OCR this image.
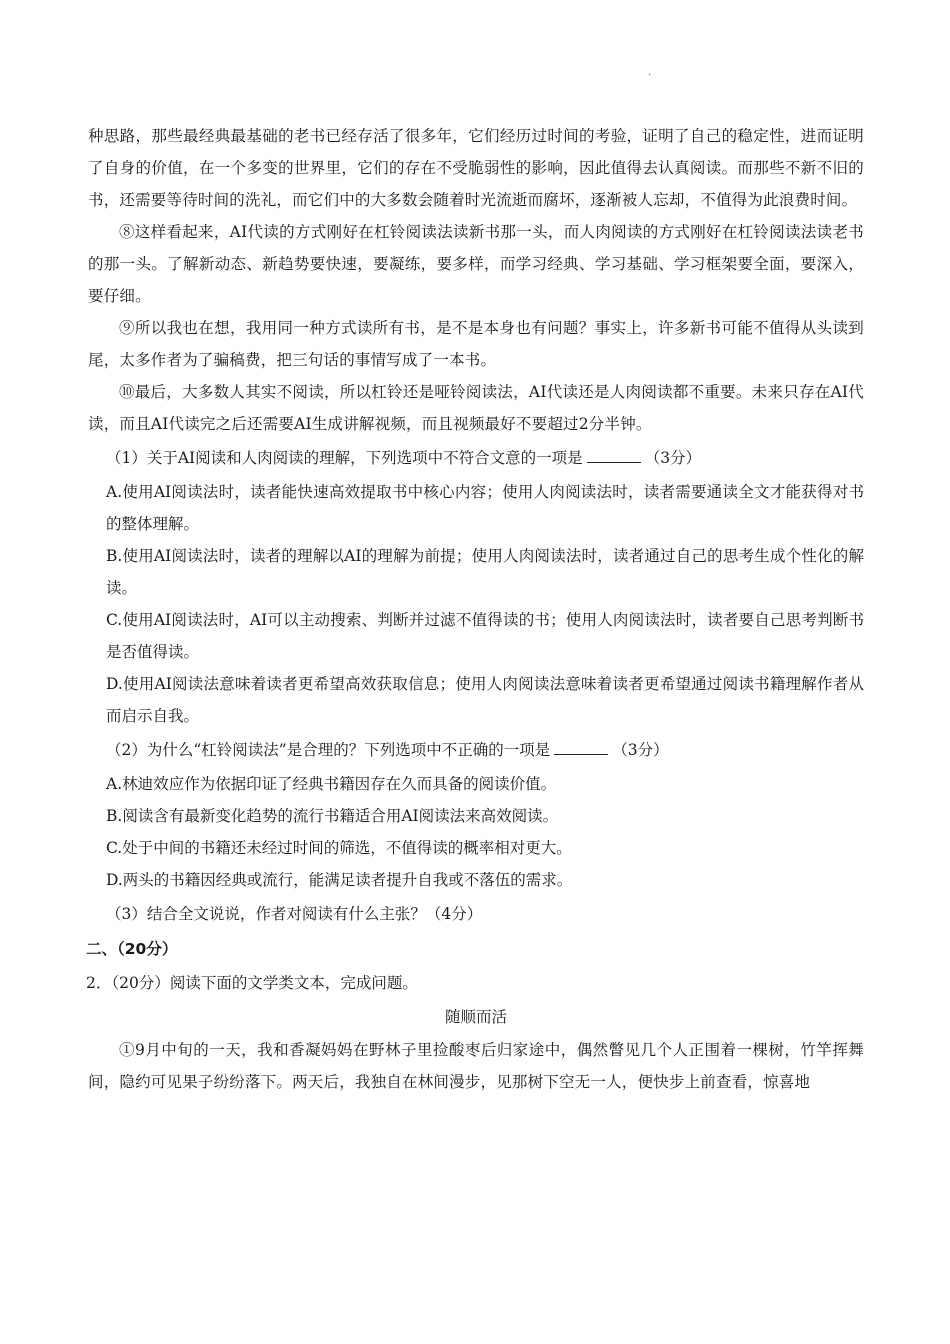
·

种思路，那些最经典最基础的老书已经存活了很多年，它们经历过时间的考验，证明了自己的稳定性，进而证明了自身的价值，在一个多变的世界里，它们的存在不受脆弱性的影响，因此值得去认真阅读。而那些不新不旧的书，还需要等待时间的洗礼，而它们中的大多数会随着时光流逝而腐坏，逐渐被人忘却，不值得为此浪费时间。

⑧这样看起来，AI代读的方式刚好在杠铃阅读法读新书那一头，而人肉阅读的方式刚好在杠铃阅读法读老书的那一头。了解新动态、新趋势要快速，要凝练，要多样，而学习经典、学习基础、学习框架要全面，要深入，要仔细。

⑨所以我也在想，我用同一种方式读所有书，是不是本身也有问题？事实上，许多新书可能不值得从头读到尾，太多作者为了骗稿费，把三句话的事情写成了一本书。

⑩最后，大多数人其实不阅读，所以杠铃还是哑铃阅读法，AI代读还是人肉阅读都不重要。未来只存在AI代读，而且AI代读完之后还需要AI生成讲解视频，而且视频最好不要超过2分半钟。

（1）关于AI阅读和人肉阅读的理解，下列选项中不符合文意的一项是	（3分）

A.使用AI阅读法时，读者能快速高效提取书中核心内容；使用人肉阅读法时，读者需要通读全文才能获得对书的整体理解。

B.使用AI阅读法时，读者的理解以AI的理解为前提；使用人肉阅读法时，读者通过自己的思考生成个性化的解读。

C.使用AI阅读法时，AI可以主动搜索、判断并过滤不值得读的书；使用人肉阅读法时，读者要自己思考判断书是否值得读。

D.使用AI阅读法意味着读者更希望高效获取信息；使用人肉阅读法意味着读者更希望通过阅读书籍理解作者从而启示自我。

（2）为什么“杠铃阅读法”是合理的？下列选项中不正确的一项是	（3分）

A.林迪效应作为依据印证了经典书籍因存在久而具备的阅读价值。

B.阅读含有最新变化趋势的流行书籍适合用AI阅读法来高效阅读。

C.处于中间的书籍还未经过时间的筛选，不值得读的概率相对更大。

D.两头的书籍因经典或流行，能满足读者提升自我或不落伍的需求。

（3）结合全文说说，作者对阅读有什么主张？（4分）

二、（20分）

2．（20分）阅读下面的文学类文本，完成问题。

随顺而活

①9月中旬的一天，我和香凝妈妈在野林子里捡酸枣后归家途中，偶然瞥见几个人正围着一棵树，竹竿挥舞间，隐约可见果子纷纷落下。两天后，我独自在林间漫步，见那树下空无一人，便快步上前查看，惊喜地
